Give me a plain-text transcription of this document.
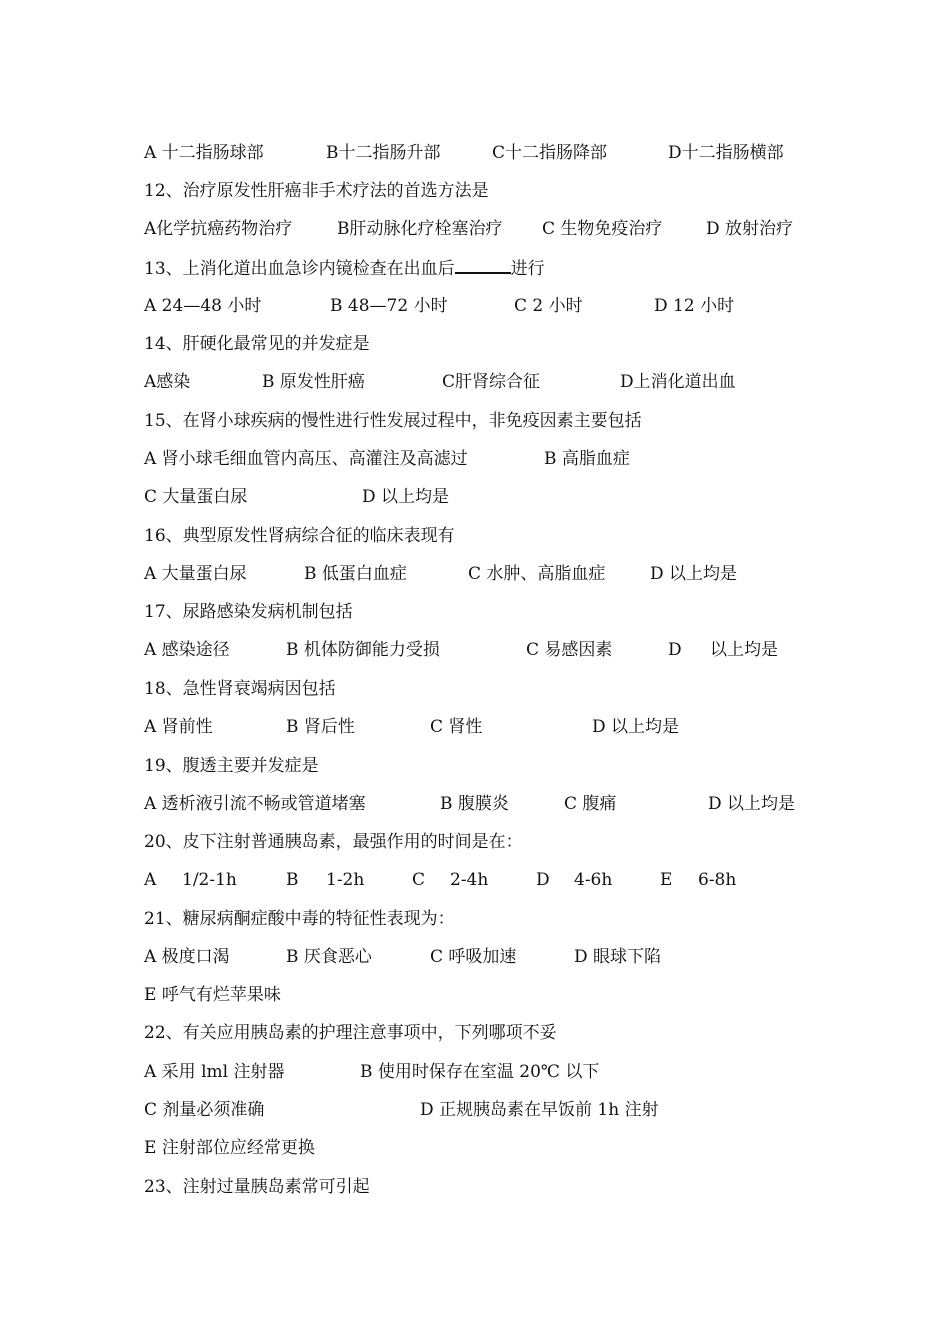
A 十二指肠球部

	B十二指肠升部

	C十二指肠降部

	D十二指肠横部

12、治疗原发性肝癌非手术疗法的首选方法是

A化学抗癌药物治疗

	B肝动脉化疗栓塞治疗

C 生物免疫治疗

	D 放射治疗

13、上消化道出血急诊内镜检查在出血后	进行

A 24—48 小时

	B 48—72 小时

	C 2 小时

	D 12 小时

14、肝硬化最常见的并发症是

A感染

	B 原发性肝癌

	C肝肾综合征

	D上消化道出血

15、在肾小球疾病的慢性进行性发展过程中，非免疫因素主要包括

A 肾小球毛细血管内高压、高灌注及高滤过

	B 高脂血症

C 大量蛋白尿

	D 以上均是

16、典型原发性肾病综合征的临床表现有

A 大量蛋白尿

	B 低蛋白血症

	C 水肿、高脂血症

	D 以上均是

17、尿路感染发病机制包括

A 感染途径

	B 机体防御能力受损

	C 易感因素

	D

以上均是

18、急性肾衰竭病因包括

A 肾前性

	B 肾后性

	C 肾性

	D 以上均是

19、腹透主要并发症是

A 透析液引流不畅或管道堵塞

	B 腹膜炎

	C 腹痛

	D 以上均是

20、皮下注射普通胰岛素，最强作用的时间是在：

A

1/2-1h

	B

1-2h

	C

2-4h

	D

4-6h

	E

6-8h

21、糖尿病酮症酸中毒的特征性表现为：

A 极度口渴

	B 厌食恶心

	C 呼吸加速

	D 眼球下陷

E 呼气有烂苹果味
22、有关应用胰岛素的护理注意事项中，下列哪项不妥

A 采用 lml 注射器

	B 使用时保存在室温 20℃ 以下

C 剂量必须准确

	D 正规胰岛素在早饭前 1h 注射

E 注射部位应经常更换
23、注射过量胰岛素常可引起
